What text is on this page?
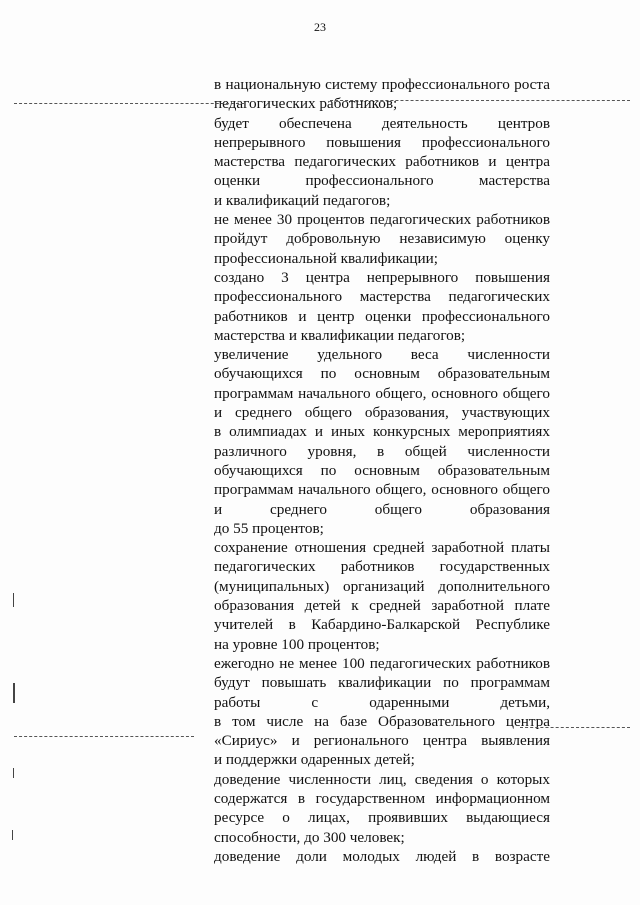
23
в национальную систему профессионального роста
педагогических работников;
будет обеспечена деятельность центров
непрерывного повышения профессионального
мастерства педагогических работников и центра
оценки профессионального мастерства
и квалификаций педагогов;
не менее 30 процентов педагогических работников
пройдут добровольную независимую оценку
профессиональной квалификации;
создано 3 центра непрерывного повышения
профессионального мастерства педагогических
работников и центр оценки профессионального
мастерства и квалификации педагогов;
увеличение удельного веса численности
обучающихся по основным образовательным
программам начального общего, основного общего
и среднего общего образования, участвующих
в олимпиадах и иных конкурсных мероприятиях
различного уровня, в общей численности
обучающихся по основным образовательным
программам начального общего, основного общего
и среднего общего образования
до 55 процентов;
сохранение отношения средней заработной платы
педагогических работников государственных
(муниципальных) организаций дополнительного
образования детей к средней заработной плате
учителей в Кабардино-Балкарской Республике
на уровне 100 процентов;
ежегодно не менее 100 педагогических работников
будут повышать квалификации по программам
работы с одаренными детьми,
в том числе на базе Образовательного центра
«Сириус» и регионального центра выявления
и поддержки одаренных детей;
доведение численности лиц, сведения о которых
содержатся в государственном информационном
ресурсе о лицах, проявивших выдающиеся
способности, до 300 человек;
доведение доли молодых людей в возрасте
